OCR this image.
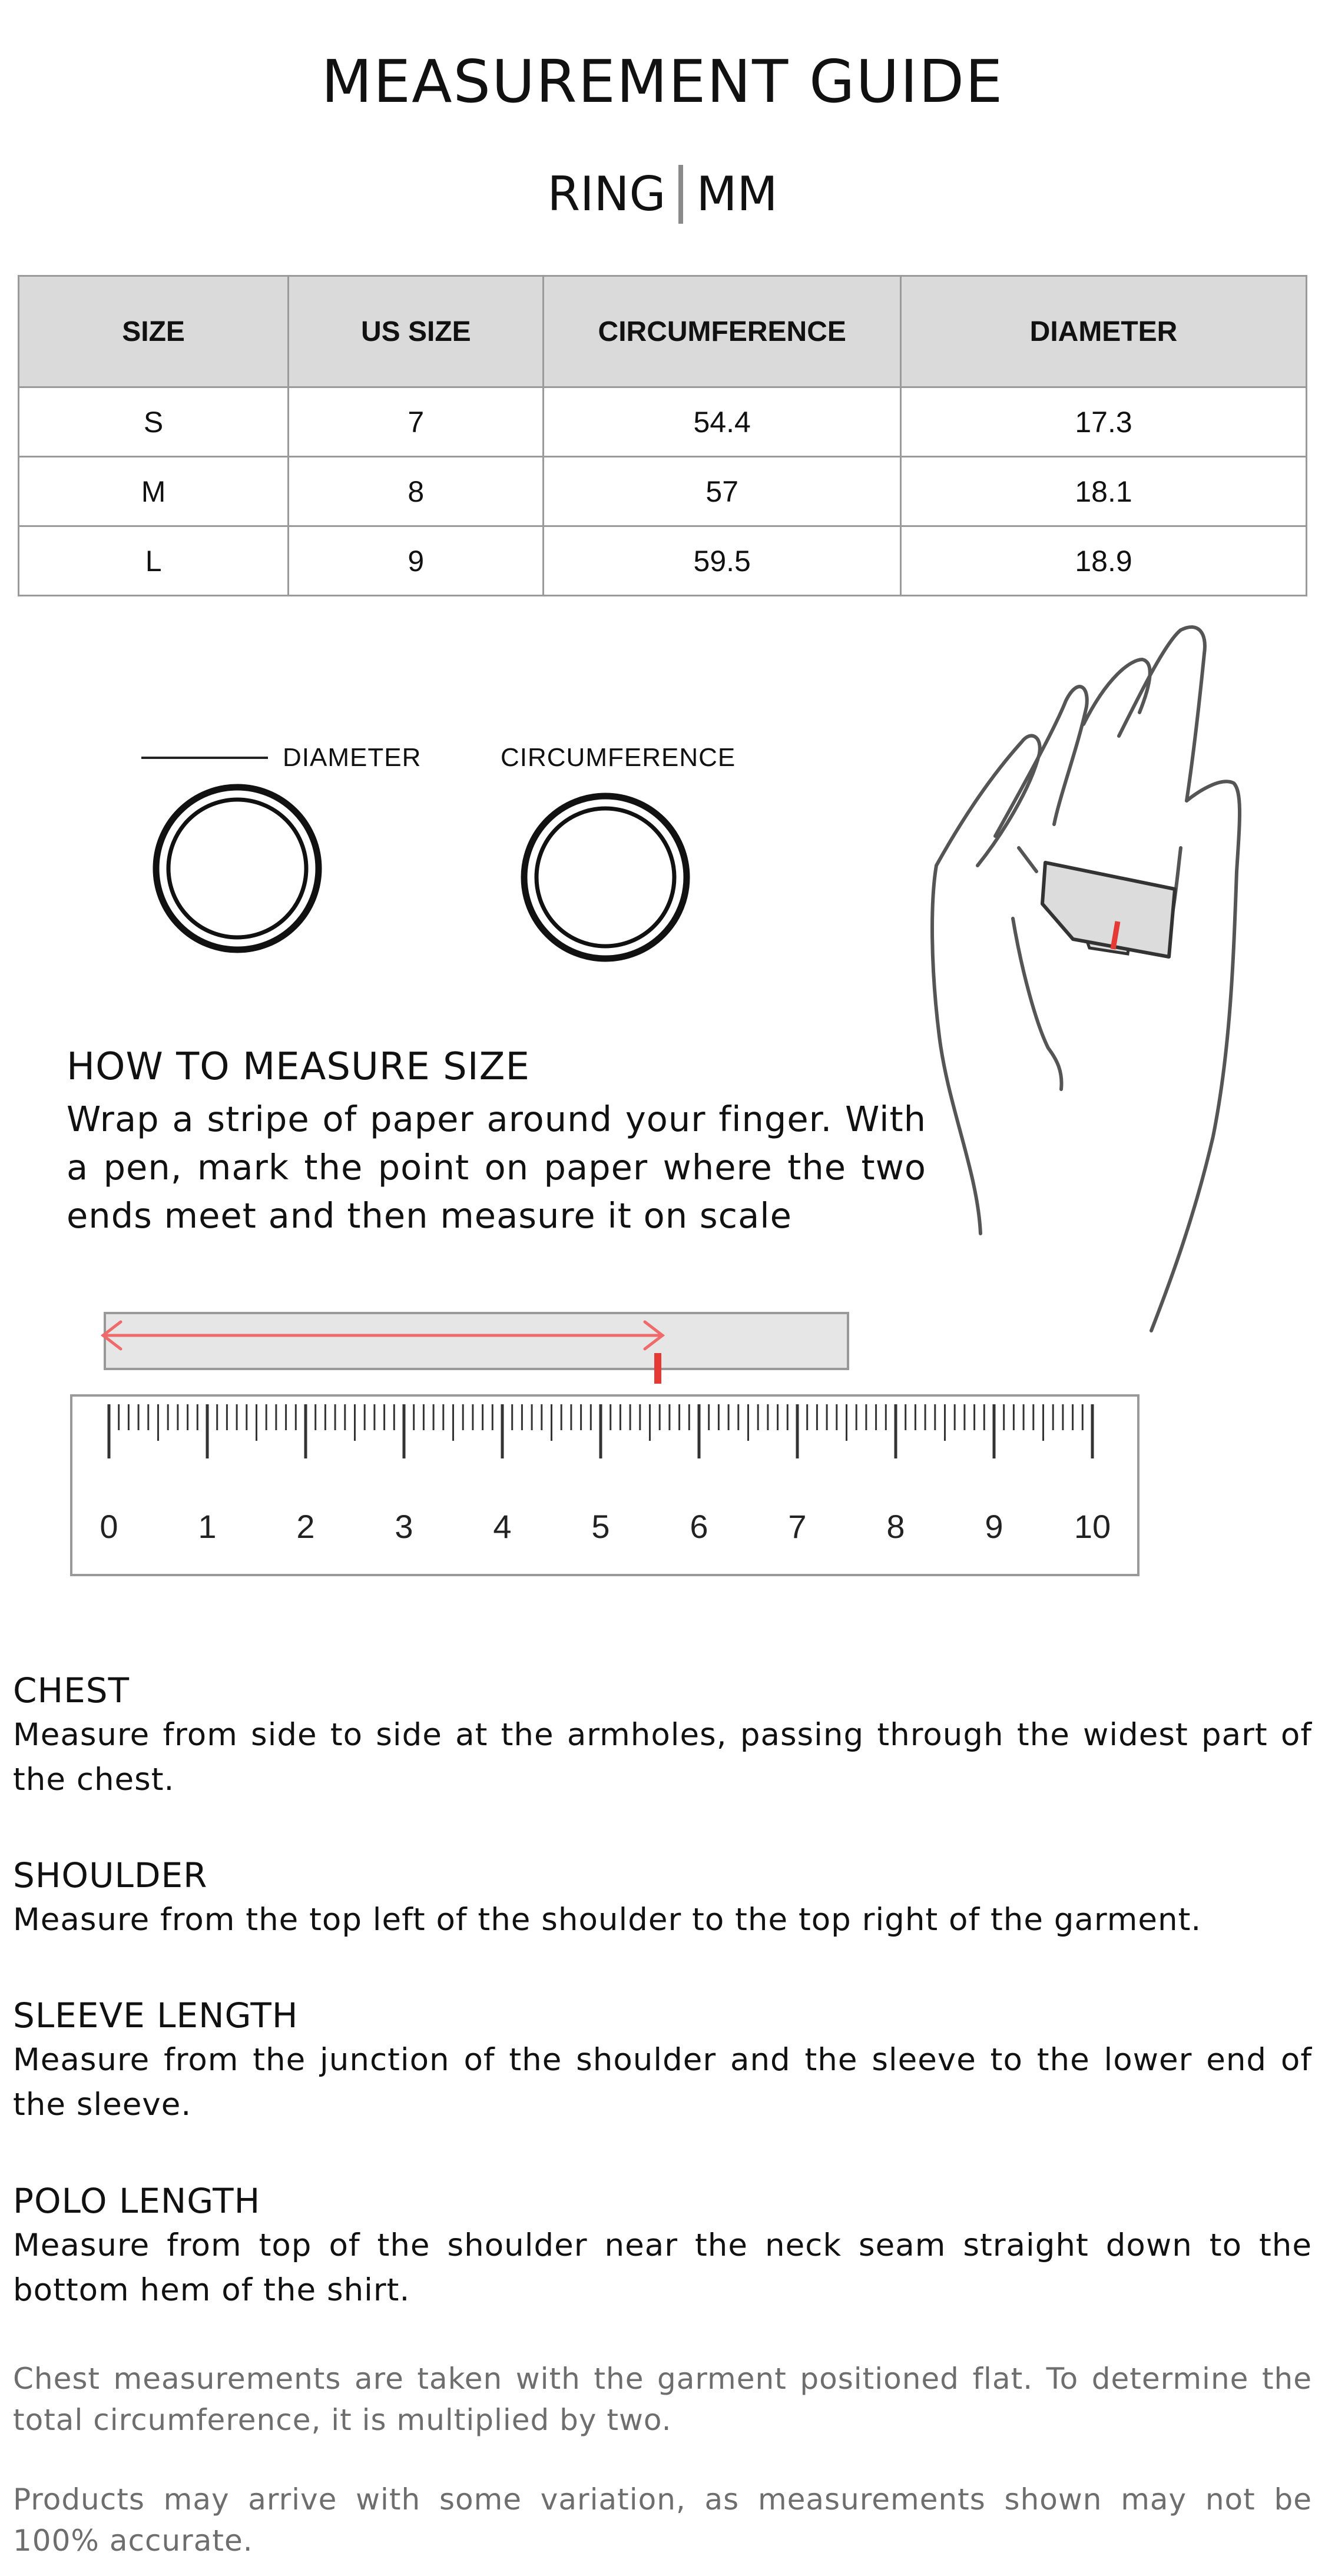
MEASUREMENT GUIDE
RING MM
SIZE	US SIZE	CIRCUMFERENCE	DIAMETER
S	7	54.4	17.3
M	8	57	18.1
L	9	59.5	18.9
0 1 2 3 4 5 6 7 8 9 10
DIAMETER	CIRCUMFERENCE
HOW TO MEASURE SIZE
Wrap a stripe of paper around your finger. With a pen, mark the point on paper where the two ends meet and then measure it on scale
CHEST
Measure from side to side at the armholes, passing through the widest part of the chest.
SHOULDER
Measure from the top left of the shoulder to the top right of the garment.
SLEEVE LENGTH
Measure from the junction of the shoulder and the sleeve to the lower end of the sleeve.
POLO LENGTH
Measure from top of the shoulder near the neck seam straight down to the bottom hem of the shirt.
Chest measurements are taken with the garment positioned flat. To determine the total circumference, it is multiplied by two.
Products may arrive with some variation, as measurements shown may not be 100% accurate.
